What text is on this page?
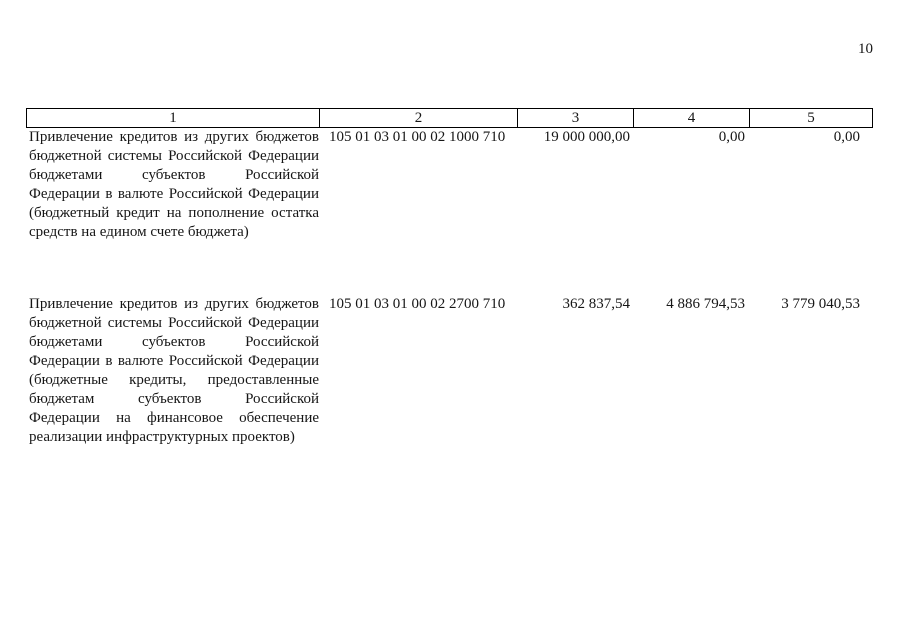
10
1	2	3	4	5
Привлечение кредитов из других бюджетов
бюджетной системы Российской Федерации
бюджетами субъектов Российской
Федерации в валюте Российской Федерации
(бюджетный кредит на пополнение остатка
средств на едином счете бюджета)
105 01 03 01 00 02 1000 710	19 000 000,00	0,00	0,00
Привлечение кредитов из других бюджетов
бюджетной системы Российской Федерации
бюджетами субъектов Российской
Федерации в валюте Российской Федерации
(бюджетные кредиты, предоставленные
бюджетам субъектов Российской
Федерации на финансовое обеспечение
реализации инфраструктурных проектов)
105 01 03 01 00 02 2700 710	362 837,54	4 886 794,53	3 779 040,53
